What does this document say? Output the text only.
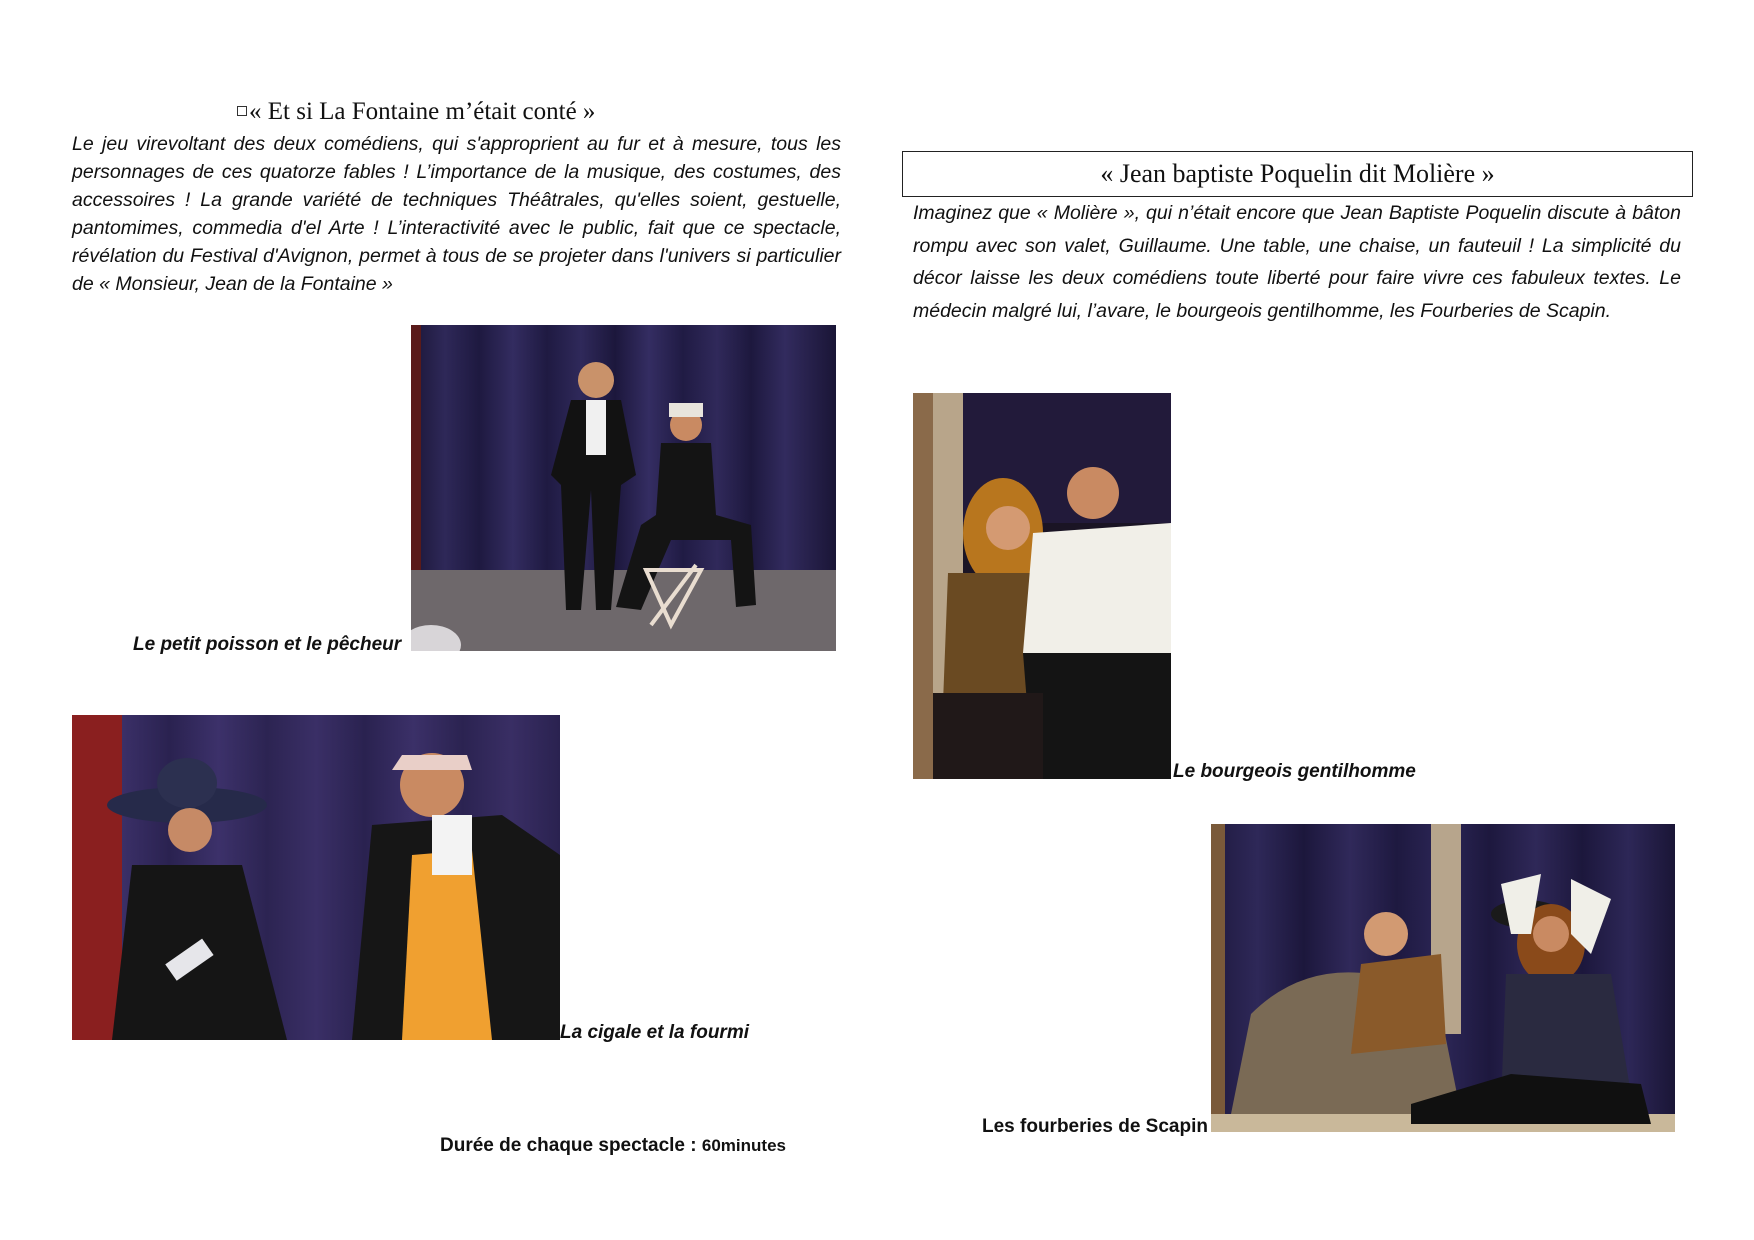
« Et si La Fontaine m’était conté »
Le jeu virevoltant des deux comédiens, qui s'approprient au fur et à mesure, tous les personnages de ces quatorze fables ! L’importance de la musique, des costumes, des accessoires ! La grande variété de techniques Théâtrales, qu'elles soient, gestuelle, pantomimes, commedia d'el Arte ! L’interactivité avec le public, fait que ce spectacle, révélation du Festival d'Avignon, permet à tous de se projeter dans l'univers si particulier de « Monsieur, Jean de la Fontaine »
Le petit poisson et le pêcheur
La cigale et la fourmi
Durée de chaque spectacle : 60minutes
« Jean baptiste Poquelin dit Molière »
Imaginez que « Molière », qui n’était encore que Jean Baptiste Poquelin discute à bâton rompu avec son valet, Guillaume. Une table, une chaise, un fauteuil ! La simplicité du décor laisse les deux comédiens toute liberté pour faire vivre ces fabuleux textes. Le médecin malgré lui, l’avare, le bourgeois gentilhomme, les Fourberies de Scapin.
Le bourgeois gentilhomme
Les fourberies de Scapin
